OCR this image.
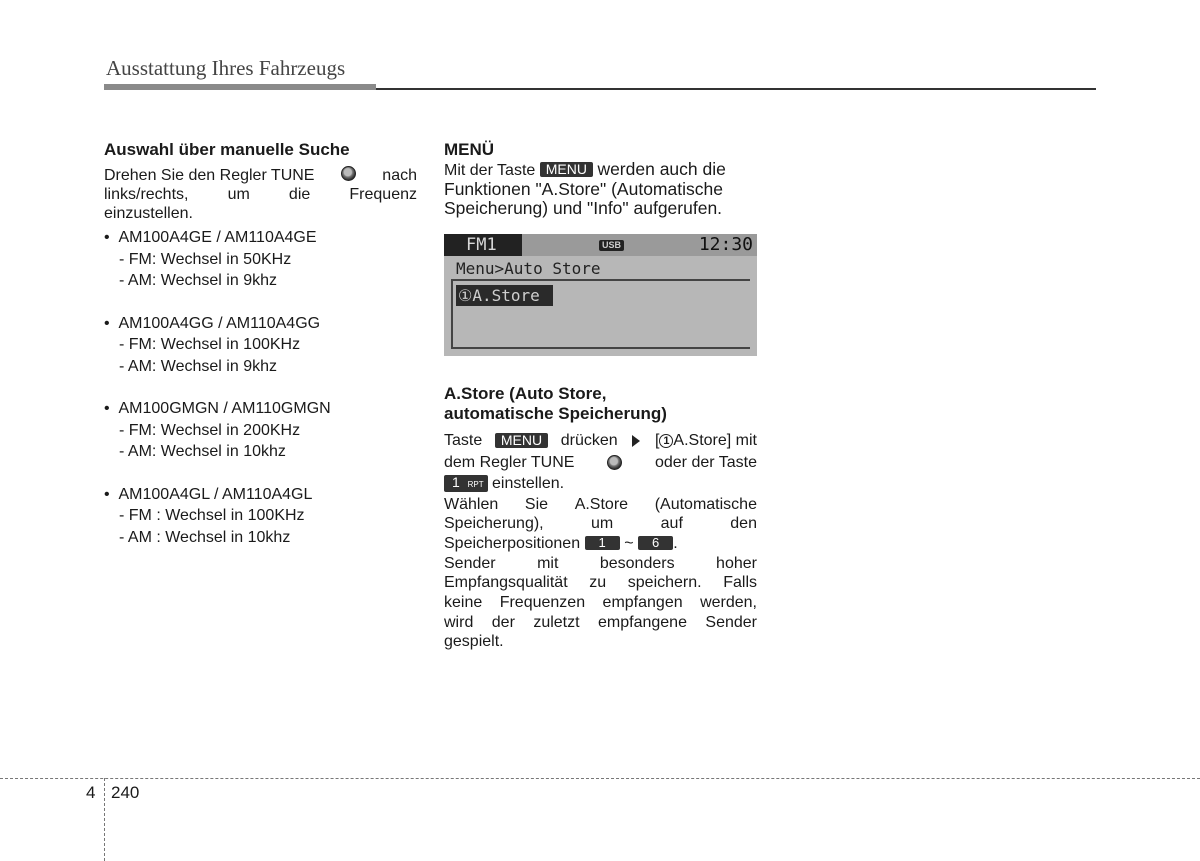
Ausstattung Ihres Fahrzeugs
Auswahl über manuelle Suche
Drehen Sie den Regler TUNE	nach
links/rechts, um die Frequenz
einzustellen.
•  AM100A4GE / AM110A4GE
- FM: Wechsel in 50KHz
- AM: Wechsel in 9khz
•  AM100A4GG / AM110A4GG
- FM: Wechsel in 100KHz
- AM: Wechsel in 9khz
•  AM100GMGN / AM110GMGN
- FM: Wechsel in 200KHz
- AM: Wechsel in 10khz
•  AM100A4GL / AM110A4GL
- FM : Wechsel in 100KHz
- AM : Wechsel in 10khz
MENÜ
Mit der Taste MENU werden auch die
Funktionen "A.Store" (Automatische
Speicherung) und "Info" aufgerufen.
FM1	USB	12:30
Menu>Auto Store
①A.Store
A.Store (Auto Store,
automatische Speicherung)
Taste	MENU	drücken [ 1 A.Store] mit
dem Regler TUNE	oder der Taste
1 RPT einstellen.
Wählen Sie A.Store (Automatische
Speicherung),	um	auf	den
Speicherpositionen 1 ~ 6 .
Sender	mit	besonders	hoher
Empfangsqualität zu speichern. Falls
keine Frequenzen empfangen werden,
wird der zuletzt empfangene Sender
gespielt.
4 240
